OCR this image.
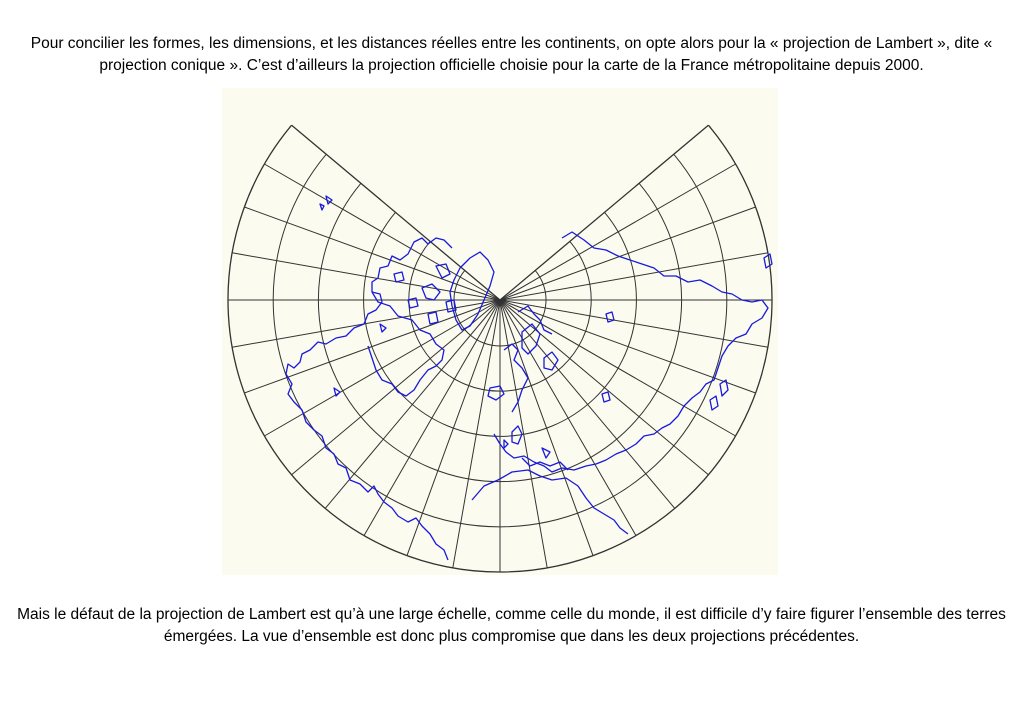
Pour concilier les formes, les dimensions, et les distances réelles entre les continents, on opte alors pour la « projection de Lambert », dite « projection conique ». C’est d’ailleurs la projection officielle choisie pour la carte de la France métropolitaine depuis 2000.

Mais le défaut de la projection de Lambert est qu’à une large échelle, comme celle du monde, il est difficile d’y faire figurer l’ensemble des terres émergées. La vue d’ensemble est donc plus compromise que dans les deux projections précédentes.
